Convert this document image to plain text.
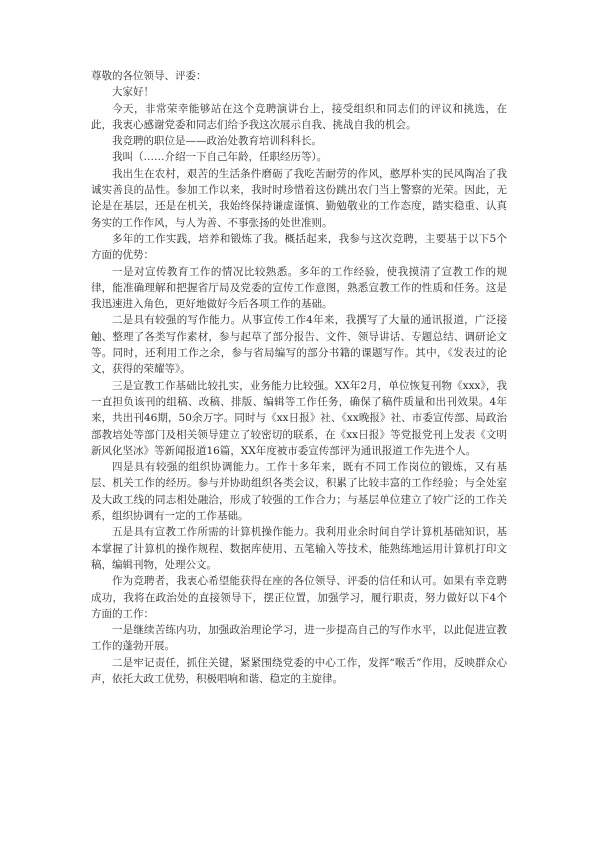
尊敬的各位领导、评委：

大家好！

今天，非常荣幸能够站在这个竞聘演讲台上，接受组织和同志们的评议和挑选，在此，我衷心感谢党委和同志们给予我这次展示自我、挑战自我的机会。

我竞聘的职位是——政治处教育培训科科长。

我叫（……介绍一下自己年龄，任职经历等）。

我出生在农村，艰苦的生活条件磨砺了我吃苦耐劳的作风，憨厚朴实的民风陶冶了我诚实善良的品性。参加工作以来，我时时珍惜着这份跳出农门当上警察的光荣。因此，无论是在基层，还是在机关，我始终保持谦虚谨慎、勤勉敬业的工作态度，踏实稳重、认真务实的工作作风，与人为善、不事张扬的处世准则。

多年的工作实践，培养和锻炼了我。概括起来，我参与这次竞聘，主要基于以下5个方面的优势：

一是对宣传教育工作的情况比较熟悉。多年的工作经验，使我摸清了宣教工作的规律，能准确理解和把握省厅局及党委的宣传工作意图，熟悉宣教工作的性质和任务。这是我迅速进入角色，更好地做好今后各项工作的基础。

二是具有较强的写作能力。从事宣传工作4年来，我撰写了大量的通讯报道，广泛接触、整理了各类写作素材，参与起草了部分报告、文件、领导讲话、专题总结、调研论文等。同时，还利用工作之余，参与省局编写的部分书籍的课题写作。其中，《发表过的论文，获得的荣耀等》。

三是宣教工作基础比较扎实，业务能力比较强。XX年2月，单位恢复刊物《xxx》，我一直担负该刊的组稿、改稿、排版、编辑等工作任务，确保了稿件质量和出刊效果。4年来，共出刊46期，50余万字。同时与《xx日报》社、《xx晚报》社、市委宣传部、局政治部教培处等部门及相关领导建立了较密切的联系，在《xx日报》等党报党刊上发表《文明新风化坚冰》等新闻报道16篇，XX年度被市委宣传部评为通讯报道工作先进个人。

四是具有较强的组织协调能力。工作十多年来，既有不同工作岗位的锻炼，又有基层、机关工作的经历。参与并协助组织各类会议，积累了比较丰富的工作经验；与全处室及大政工线的同志相处融洽，形成了较强的工作合力；与基层单位建立了较广泛的工作关系，组织协调有一定的工作基础。

五是具有宣教工作所需的计算机操作能力。我利用业余时间自学计算机基础知识，基本掌握了计算机的操作规程、数据库使用、五笔输入等技术，能熟练地运用计算机打印文稿，编辑刊物，处理公文。

作为竞聘者，我衷心希望能获得在座的各位领导、评委的信任和认可。如果有幸竞聘成功，我将在政治处的直接领导下，摆正位置，加强学习，履行职责，努力做好以下4个方面的工作：

一是继续苦练内功，加强政治理论学习，进一步提高自己的写作水平，以此促进宣教工作的蓬勃开展。

二是牢记责任，抓住关键，紧紧围绕党委的中心工作，发挥“喉舌”作用，反映群众心声，依托大政工优势，积极唱响和谐、稳定的主旋律。
